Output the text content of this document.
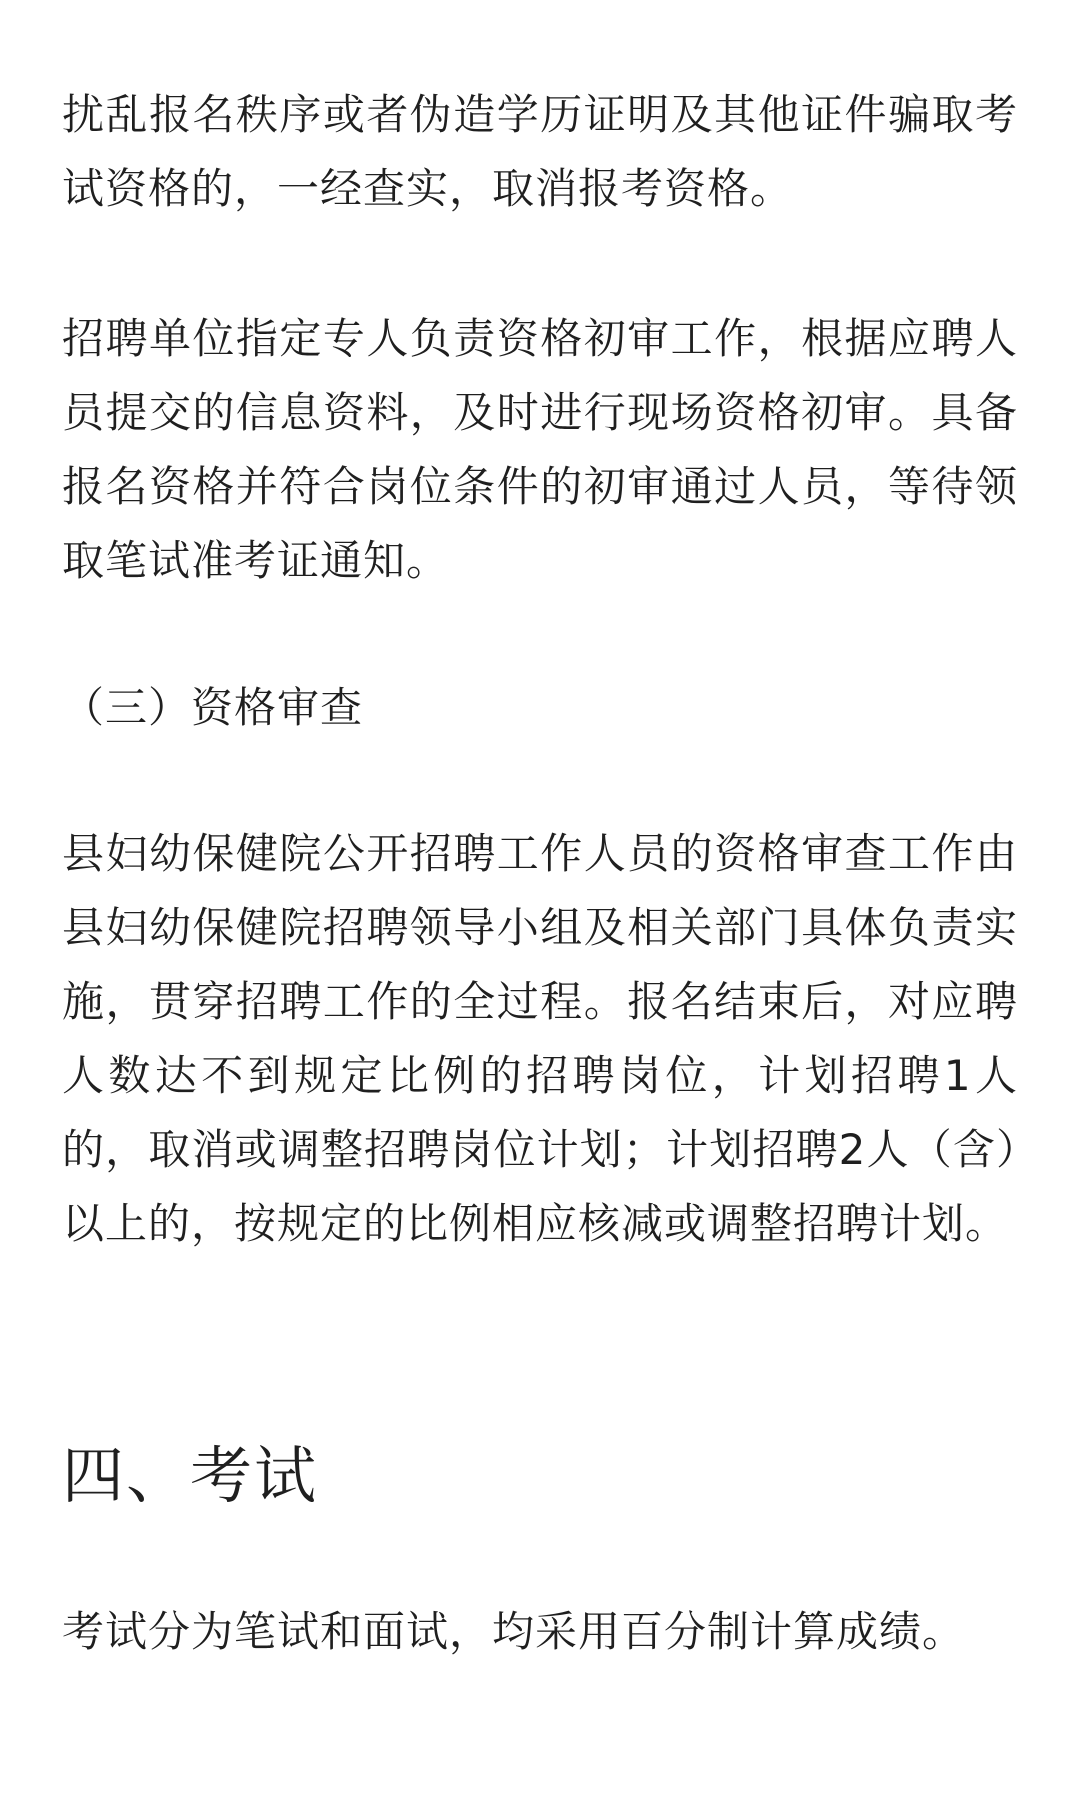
扰乱报名秩序或者伪造学历证明及其他证件骗取考试资格的，一经查实，取消报考资格。

招聘单位指定专人负责资格初审工作，根据应聘人员提交的信息资料，及时进行现场资格初审。具备报名资格并符合岗位条件的初审通过人员，等待领取笔试准考证通知。

（三）资格审查

县妇幼保健院公开招聘工作人员的资格审查工作由县妇幼保健院招聘领导小组及相关部门具体负责实施，贯穿招聘工作的全过程。报名结束后，对应聘人数达不到规定比例的招聘岗位，计划招聘1人的，取消或调整招聘岗位计划；计划招聘2人（含）以上的，按规定的比例相应核减或调整招聘计划。

四、考试

考试分为笔试和面试，均采用百分制计算成绩。
